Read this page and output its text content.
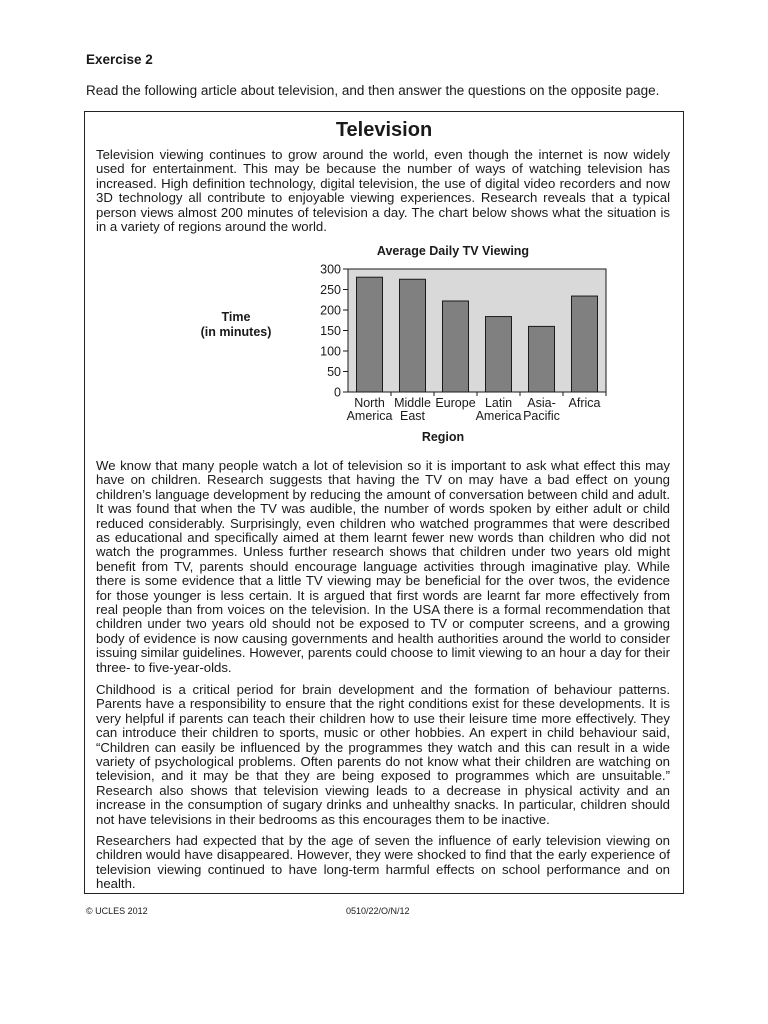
Exercise 2
Read the following article about television, and then answer the questions on the opposite page.
Television

Television viewing continues to grow around the world, even though the internet is now widely used for entertainment. This may be because the number of ways of watching television has increased. High definition technology, digital television, the use of digital video recorders and now 3D technology all contribute to enjoyable viewing experiences. Research reveals that a typical person views almost 200 minutes of television a day. The chart below shows what the situation is in a variety of regions around the world.

Average Daily TV Viewing
0
50
100
150
200
250
300
Time
(in minutes)
North
America
Middle
East
Europe Latin
America
Asia-
Pacific
Africa
Region

We know that many people watch a lot of television so it is important to ask what effect this may have on children. Research suggests that having the TV on may have a bad effect on young children’s language development by reducing the amount of conversation between child and adult. It was found that when the TV was audible, the number of words spoken by either adult or child reduced considerably. Surprisingly, even children who watched programmes that were described as educational and specifically aimed at them learnt fewer new words than children who did not watch the programmes. Unless further research shows that children under two years old might benefit from TV, parents should encourage language activities through imaginative play. While there is some evidence that a little TV viewing may be beneficial for the over twos, the evidence for those younger is less certain. It is argued that first words are learnt far more effectively from real people than from voices on the television. In the USA there is a formal recommendation that children under two years old should not be exposed to TV or computer screens, and a growing body of evidence is now causing governments and health authorities around the world to consider issuing similar guidelines. However, parents could choose to limit viewing to an hour a day for their three- to five-year-olds.

Childhood is a critical period for brain development and the formation of behaviour patterns. Parents have a responsibility to ensure that the right conditions exist for these developments. It is very helpful if parents can teach their children how to use their leisure time more effectively. They can introduce their children to sports, music or other hobbies. An expert in child behaviour said, “Children can easily be influenced by the programmes they watch and this can result in a wide variety of psychological problems. Often parents do not know what their children are watching on television, and it may be that they are being exposed to programmes which are unsuitable.” Research also shows that television viewing leads to a decrease in physical activity and an increase in the consumption of sugary drinks and unhealthy snacks. In particular, children should not have televisions in their bedrooms as this encourages them to be inactive.

Researchers had expected that by the age of seven the influence of early television viewing on children would have disappeared. However, they were shocked to find that the early experience of television viewing continued to have long-term harmful effects on school performance and on health.

© UCLES 2012	0510/22/O/N/12
